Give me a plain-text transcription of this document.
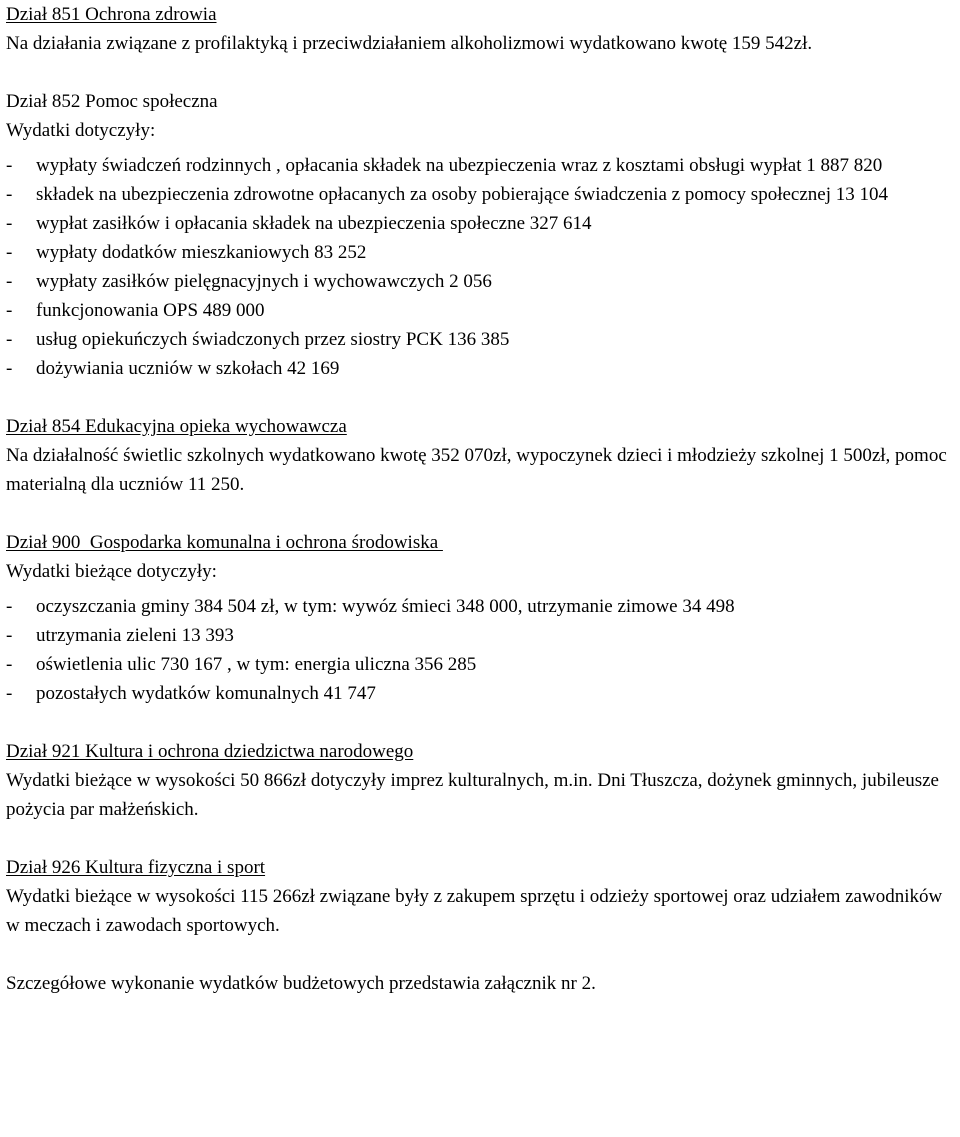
Dział 851 Ochrona zdrowia
Na działania związane z profilaktyką i przeciwdziałaniem alkoholizmowi wydatkowano kwotę 159 542zł.
Dział 852 Pomoc społeczna
Wydatki dotyczyły:
-	wypłaty świadczeń rodzinnych , opłacania składek na ubezpieczenia wraz z kosztami obsługi wypłat 1 887 820
-	składek na ubezpieczenia zdrowotne opłacanych za osoby pobierające świadczenia z pomocy społecznej 13 104
-	wypłat zasiłków i opłacania składek na ubezpieczenia społeczne 327 614
-	wypłaty dodatków mieszkaniowych 83 252
-	wypłaty zasiłków pielęgnacyjnych i wychowawczych 2 056
-	funkcjonowania OPS 489 000
-	usług opiekuńczych świadczonych przez siostry PCK 136 385
-	dożywiania uczniów w szkołach 42 169
Dział 854 Edukacyjna opieka wychowawcza
Na działalność świetlic szkolnych wydatkowano kwotę 352 070zł, wypoczynek dzieci i młodzieży szkolnej 1 500zł, pomoc materialną dla uczniów 11 250.
Dział 900  Gospodarka komunalna i ochrona środowiska
Wydatki bieżące dotyczyły:
-	oczyszczania gminy 384 504 zł, w tym: wywóz śmieci 348 000, utrzymanie zimowe 34 498
-	utrzymania zieleni 13 393
-	oświetlenia ulic 730 167 , w tym: energia uliczna 356 285
-	pozostałych wydatków komunalnych 41 747
Dział 921 Kultura i ochrona dziedzictwa narodowego
Wydatki bieżące w wysokości 50 866zł dotyczyły imprez kulturalnych, m.in. Dni Tłuszcza, dożynek gminnych, jubileusze pożycia par małżeńskich.
Dział 926 Kultura fizyczna i sport
Wydatki bieżące w wysokości 115 266zł związane były z zakupem sprzętu i odzieży sportowej oraz udziałem zawodników w meczach i zawodach sportowych.
Szczegółowe wykonanie wydatków budżetowych przedstawia załącznik nr 2.
